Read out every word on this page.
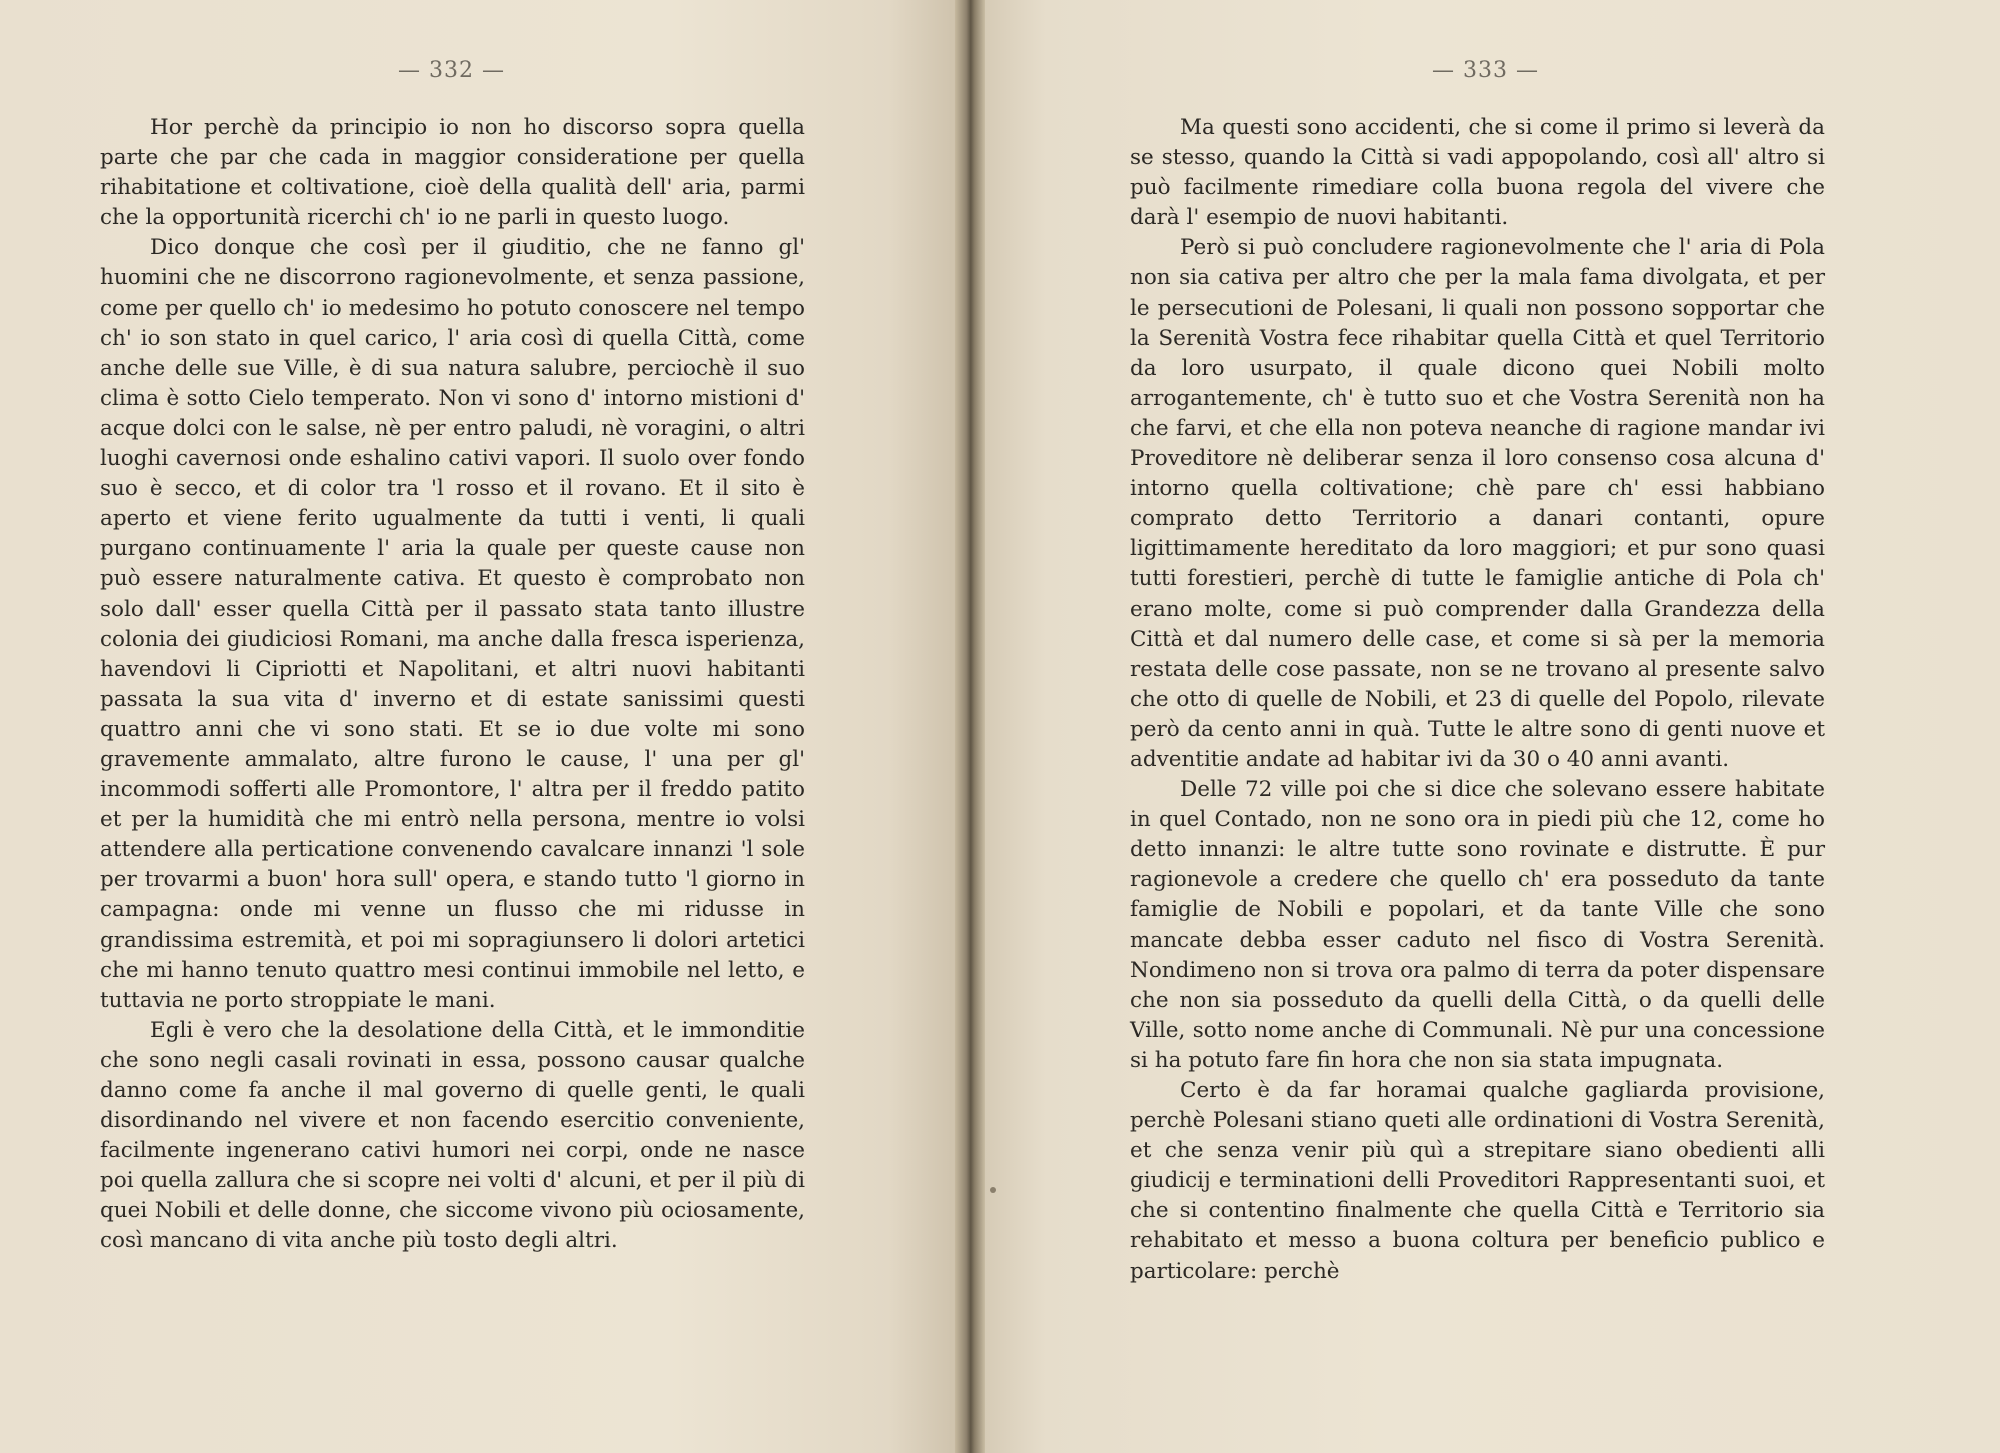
— 332 —

Hor perchè da principio io non ho discorso sopra quella parte che par che cada in maggior consideratione per quella rihabitatione et coltivatione, cioè della qualità dell' aria, parmi che la opportunità ricerchi ch' io ne parli in questo luogo.

Dico donque che così per il giuditio, che ne fanno gl' huomini che ne discorrono ragionevolmente, et senza passione, come per quello ch' io medesimo ho potuto conoscere nel tempo ch' io son stato in quel carico, l' aria così di quella Città, come anche delle sue Ville, è di sua natura salubre, perciochè il suo clima è sotto Cielo temperato. Non vi sono d' intorno mistioni d' acque dolci con le salse, nè per entro paludi, nè voragini, o altri luoghi cavernosi onde eshalino cativi vapori. Il suolo over fondo suo è secco, et di color tra 'l rosso et il rovano. Et il sito è aperto et viene ferito ugualmente da tutti i venti, li quali purgano continuamente l' aria la quale per queste cause non può essere naturalmente cativa. Et questo è comprobato non solo dall' esser quella Città per il passato stata tanto illustre colonia dei giudiciosi Romani, ma anche dalla fresca isperienza, havendovi li Cipriotti et Napolitani, et altri nuovi habitanti passata la sua vita d' inverno et di estate sanissimi questi quattro anni che vi sono stati. Et se io due volte mi sono gravemente ammalato, altre furono le cause, l' una per gl' incommodi sofferti alle Promontore, l' altra per il freddo patito et per la humidità che mi entrò nella persona, mentre io volsi attendere alla perticatione convenendo cavalcare innanzi 'l sole per trovarmi a buon' hora sull' opera, e stando tutto 'l giorno in campagna: onde mi venne un flusso che mi ridusse in grandissima estremità, et poi mi sopragiunsero li dolori artetici che mi hanno tenuto quattro mesi continui immobile nel letto, e tuttavia ne porto stroppiate le mani.

Egli è vero che la desolatione della Città, et le immonditie che sono negli casali rovinati in essa, possono causar qualche danno come fa anche il mal governo di quelle genti, le quali disordinando nel vivere et non facendo esercitio conveniente, facilmente ingenerano cativi humori nei corpi, onde ne nasce poi quella zallura che si scopre nei volti d' alcuni, et per il più di quei Nobili et delle donne, che siccome vivono più ociosamente, così mancano di vita anche più tosto degli altri.

— 333 —

Ma questi sono accidenti, che si come il primo si leverà da se stesso, quando la Città si vadi appopolando, così all' altro si può facilmente rimediare colla buona regola del vivere che darà l' esempio de nuovi habitanti.

Però si può concludere ragionevolmente che l' aria di Pola non sia cativa per altro che per la mala fama divolgata, et per le persecutioni de Polesani, li quali non possono sopportar che la Serenità Vostra fece rihabitar quella Città et quel Territorio da loro usurpato, il quale dicono quei Nobili molto arrogantemente, ch' è tutto suo et che Vostra Serenità non ha che farvi, et che ella non poteva neanche di ragione mandar ivi Proveditore nè deliberar senza il loro consenso cosa alcuna d' intorno quella coltivatione; chè pare ch' essi habbiano comprato detto Territorio a danari contanti, opure ligittimamente hereditato da loro maggiori; et pur sono quasi tutti forestieri, perchè di tutte le famiglie antiche di Pola ch' erano molte, come si può comprender dalla Grandezza della Città et dal numero delle case, et come si sà per la memoria restata delle cose passate, non se ne trovano al presente salvo che otto di quelle de Nobili, et 23 di quelle del Popolo, rilevate però da cento anni in quà. Tutte le altre sono di genti nuove et adventitie andate ad habitar ivi da 30 o 40 anni avanti.

Delle 72 ville poi che si dice che solevano essere habitate in quel Contado, non ne sono ora in piedi più che 12, come ho detto innanzi: le altre tutte sono rovinate e distrutte. È pur ragionevole a credere che quello ch' era posseduto da tante famiglie de Nobili e popolari, et da tante Ville che sono mancate debba esser caduto nel fisco di Vostra Serenità. Nondimeno non si trova ora palmo di terra da poter dispensare che non sia posseduto da quelli della Città, o da quelli delle Ville, sotto nome anche di Communali. Nè pur una concessione si ha potuto fare fin hora che non sia stata impugnata.

Certo è da far horamai qualche gagliarda provisione, perchè Polesani stiano queti alle ordinationi di Vostra Serenità, et che senza venir più quì a strepitare siano obedienti alli giudicij e terminationi delli Proveditori Rappresentanti suoi, et che si contentino finalmente che quella Città e Territorio sia rehabitato et messo a buona coltura per beneficio publico e particolare: perchè
